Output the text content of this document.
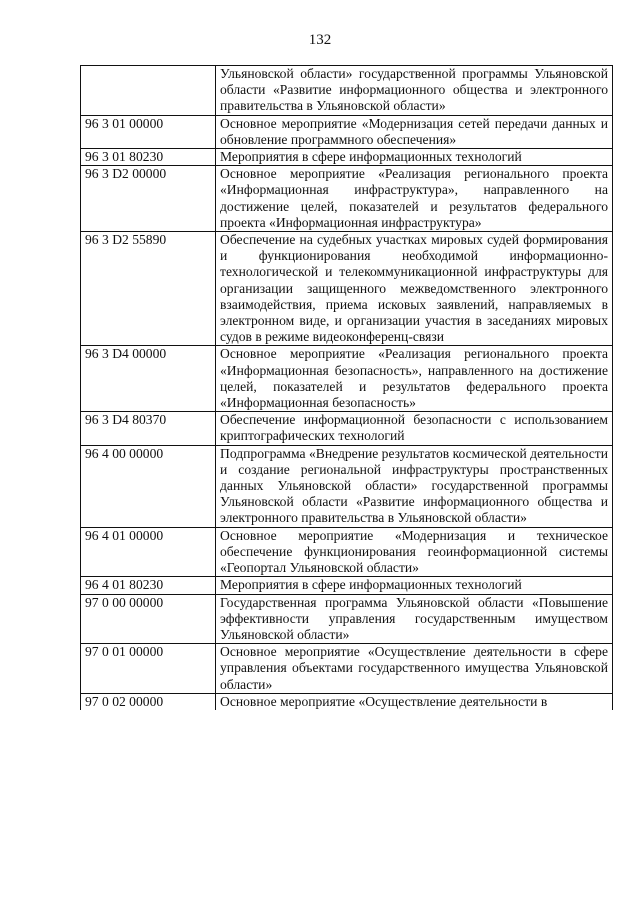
132
	Ульяновской области» государственной программы Ульяновской области «Развитие информационного общества и электронного правительства в Ульяновской области»
96 3 01 00000	Основное мероприятие «Модернизация сетей передачи данных и обновление программного обеспечения»
96 3 01 80230	Мероприятия в сфере информационных технологий
96 3 D2 00000	Основное мероприятие «Реализация регионального проекта «Информационная инфраструктура», направленного на достижение целей, показателей и результатов федерального проекта «Информационная инфраструктура»
96 3 D2 55890	Обеспечение на судебных участках мировых судей формирования и функционирования необходимой информационно-технологической и телекоммуникационной инфраструктуры для организации защищенного межведомственного электронного взаимодействия, приема исковых заявлений, направляемых в электронном виде, и организации участия в заседаниях мировых судов в режиме видеоконференц-связи
96 3 D4 00000	Основное мероприятие «Реализация регионального проекта «Информационная безопасность», направленного на достижение целей, показателей и результатов федерального проекта «Информационная безопасность»
96 3 D4 80370	Обеспечение информационной безопасности с использованием криптографических технологий
96 4 00 00000	Подпрограмма «Внедрение результатов космической деятельности и создание региональной инфраструктуры пространственных данных Ульяновской области» государственной программы Ульяновской области «Развитие информационного общества и электронного правительства в Ульяновской области»
96 4 01 00000	Основное мероприятие «Модернизация и техническое обеспечение функционирования геоинформационной системы «Геопортал Ульяновской области»
96 4 01 80230	Мероприятия в сфере информационных технологий
97 0 00 00000	Государственная программа Ульяновской области «Повышение эффективности управления государственным имуществом Ульяновской области»
97 0 01 00000	Основное мероприятие «Осуществление деятельности в сфере управления объектами государственного имущества Ульяновской области»
97 0 02 00000	Основное мероприятие «Осуществление деятельности в
